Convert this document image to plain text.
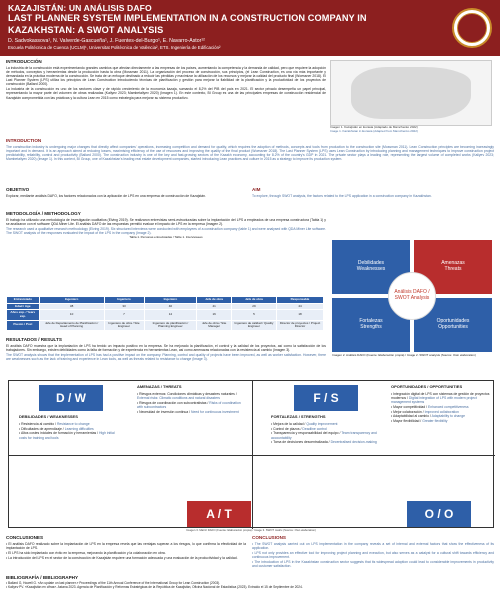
KAZAJISTÁN: UN ANÁLISIS DAFO
LAST PLANNER SYSTEM IMPLEMENTATION IN A CONSTRUCTION COMPANY IN
KAZAKHSTAN: A SWOT ANALYSIS
D. Sadvokassova¹, N. Valverde-Gascueña¹, J. Fuentes-del-Burgo¹, E. Navarro-Astor¹²
Escuela Politécnica de Cuenca (UCLM)¹, Universitat Politècnica de València², ETS. Ingeniería de Edificación²
INTRODUCCIÓN

La industria de la construcción está experimentando grandes cambios que afectan directamente a las empresas de los países, aumentando la competencia y la demanda de calidad, pero que requiere la adopción de métodos, conceptos y herramientas desde la producción hasta la obra (Mossman 2011). La organización del proceso de construcción, sus principios, (el Lean Construction, es una vía más importante y demandada en la práctica moderna de la construcción. Se trata de un enfoque destinado a reducir las pérdidas y maximizar la utilización de los recursos y mejorar la calidad del producto final (Woessner 2018). El Last Planner System (LPS) utiliza los principios de Lean Construction introduciendo técnicas de planificación y gestión para mejorar la fiabilidad de la planificación y la productividad de los proyectos de construcción (Ballard 2000).

La industria de la construcción es uno de los sectores clave y de rápido crecimiento de la economía kazaja, sumando el 8,2% del PIB del país en 2021. El sector privado desempeña un papel principal, representando la mayor parte del volumen de obras realizadas (Kaliyev 2023; Mambetaliyev 2020) (Imagen 1). En este contexto, BI Group es una de las principales empresas de construcción residencial de Kazajstán comprometida con las prácticas y la cultura Lean en 2015 como estrategia para mejorar su sistema productivo.

Imagen 1. Kazajistán en Eurasia (Adaptado de Mamchenko 2022)
Image 1. Kazakhstan in Eurasia (Adapted from Mamchenko 2022)
INTRODUCTION

The construction industry is undergoing major changes that directly affect companies' operations, increasing competition and demand for quality, which requires the adoption of methods, concepts and tools from production to the construction site (Mossman 2011). Lean Construction principles are becoming increasingly important and in demand. It is an approach aimed at reducing losses, maximising efficiency of the use of resources and improving the quality of the final product (Woessner 2018). The Last Planner System (LPS) uses Lean Construction by introducing planning and management techniques to improve construction project predictability, reliability, control and productivity (Ballard 2000). The construction industry is one of the key and fast-growing sectors of the Kazakh economy, accounting for 8.2% of the country's GDP in 2021. The private sector plays a leading role, representing the largest volume of completed works (Kaliyev 2023; Mambetaliyev 2020) (Image 1). In this context, BI Group, one of Kazakhstan's leading real estate development companies, started introducing Lean practices and culture in 2015 as a strategy to improve its production system.

OBJETIVO

Explorar, mediante análisis DAFO, los factores relacionados con la aplicación de LPS en una empresa de construcción de Kazajstán.

AIM

To explore, through SWOT analysis, the factors related to the LPS application in a construction company in Kazakhstan.

METODOLOGÍA / METHODOLOGY

El trabajo ha utilizado una metodología de investigación cualitativa (Elving 2019). Se realizaron entrevistas semi-estructuradas sobre la implantación del LPS a empleados de una empresa constructora (Tabla 1) y se analizaron con el software QDA Miner Lite. El análisis DAFO de las respuestas permitió evaluar el impacto de LPS en la empresa (Imagen 2).

The research used a qualitative research methodology (Elving 2019). Six structured interviews were conducted with employees of a construction company (table 1) and were analysed with QDA Miner Lite software. The SWOT analysis of the responses evaluated the impact of the LPS in the company (Image 2).

Tabla 1. Personas entrevistadas / Table 1. Interviewees
Entrevistado	Ingeniero	Ingeniero	Ingeniero	Jefe de obra	Jefe de obra	Responsable
Edad / Age	38	33	40	41	29	44
Años exp. / Years exp.	10	7	14	16	5	18
Puesto / Post	Jefe de Departamento de Planificación / Head of Planning	Ingeniero de obra / Site Engineer	Ingeniero de planificación / Planning Engineer	Jefe de obra / Site Manager	Ingeniero de calidad / Quality Engineer	Director de proyectos / Project Director
Debilidades
Weaknesses
Amenazas
Threats
Fortalezas
Strengths
Oportunidades
Opportunities
Análisis DAFO / SWOT Analysis
Imagen 2. Análisis DAFO (Fuente: Elaboración propia) / Image 2. SWOT analysis (Source: Own elaboration)
RESULTADOS / RESULTS

El análisis DAFO muestra que la implantación de LPS ha tenido un impacto positivo en la empresa. Se ha mejorado la planificación, el control y la calidad de los proyectos, así como la satisfacción de los trabajadores. Sin embargo, existen debilidades como la falta de formación y de experiencia en herramientas Lean, así como amenazas relacionadas con la resistencia al cambio (Imagen 3).

The SWOT analysis shows that the implementation of LPS has had a positive impact on the company. Planning, control and quality of projects have been improved, as well as worker satisfaction. However, there are weaknesses such as the lack of training and experience in Lean tools, as well as threats related to resistance to change (Image 3).

D / W
A / T
F / S
O / O
DEBILIDADES / WEAKNESSES
• Resistencia al cambio / Resistance to change
• Dificultades de aprendizaje / Learning difficulties
• Altos costes iniciales de formación y herramientas / High initial costs for training and tools
AMENAZAS / THREATS
• Riesgos externos: Condiciones climáticas y desastres naturales / External risks: Climatic conditions and natural disasters
• Riesgos de coordinación con subcontratistas / Risks of coordination with subcontractors
• Necesidad de inversión continua / Need for continuous investment
FORTALEZAS / STRENGTHS
• Mejora de la calidad / Quality improvement
• Control de plazos / Deadline control
• Transparencia y responsabilidad del equipo / Team transparency and accountability
• Toma de decisiones descentralizada / Decentralised decision-making
OPORTUNIDADES / OPPORTUNITIES
• Integración digital de LPS con sistemas de gestión de proyectos modernos / Digital integration of LPS with modern project management systems
• Mayor competitividad / Enhanced competitiveness
• Mejor colaboración / Improved collaboration
• Adaptabilidad al cambio / Adaptability to change
• Mayor flexibilidad / Greater flexibility
Imagen 3. Matriz DAFO (Fuente: Elaboración propia) / Image 3. SWOT matrix (Source: Own elaboration)
CONCLUSIONES

• El análisis DAFO realizado sobre la implantación de LPS en la empresa revela que las ventajas superan a los riesgos, lo que confirma la efectividad de la implantación de LPS.

• El LPS ha sido implantado con éxito en la empresa, mejorando la planificación y la colaboración en obra.

• La introducción del LPS en el sector de la construcción de Kazajstán requiere una formación adecuada y una evaluación de la productividad y la calidad.

CONCLUSIONS

• The SWOT analysis carried out on LPS implementation in the company reveals a set of internal and external factors that show the effectiveness of its application.

• LPS not only provides an effective tool for improving project planning and execution, but also serves as a catalyst for a cultural shift towards efficiency and continuous improvement.

• The introduction of LPS in the Kazakhstan construction sector suggests that its widespread adoption could lead to considerable improvements in productivity and customer satisfaction.

BIBLIOGRAFÍA / BIBLIOGRAPHY

• Ballard G, Howell G. «An update on last planner.» Proceedings of the 11th Annual Conference of the International Group for Lean Construction (2003).

• Kaliyev PV. «Kazajistán en cifras». Astana 2023. Agencia de Planificación y Reformas Estratégicas de la República de Kazajistán, Oficina Nacional de Estadística (2023). Extraído el 15 de Septiembre de 2024.
